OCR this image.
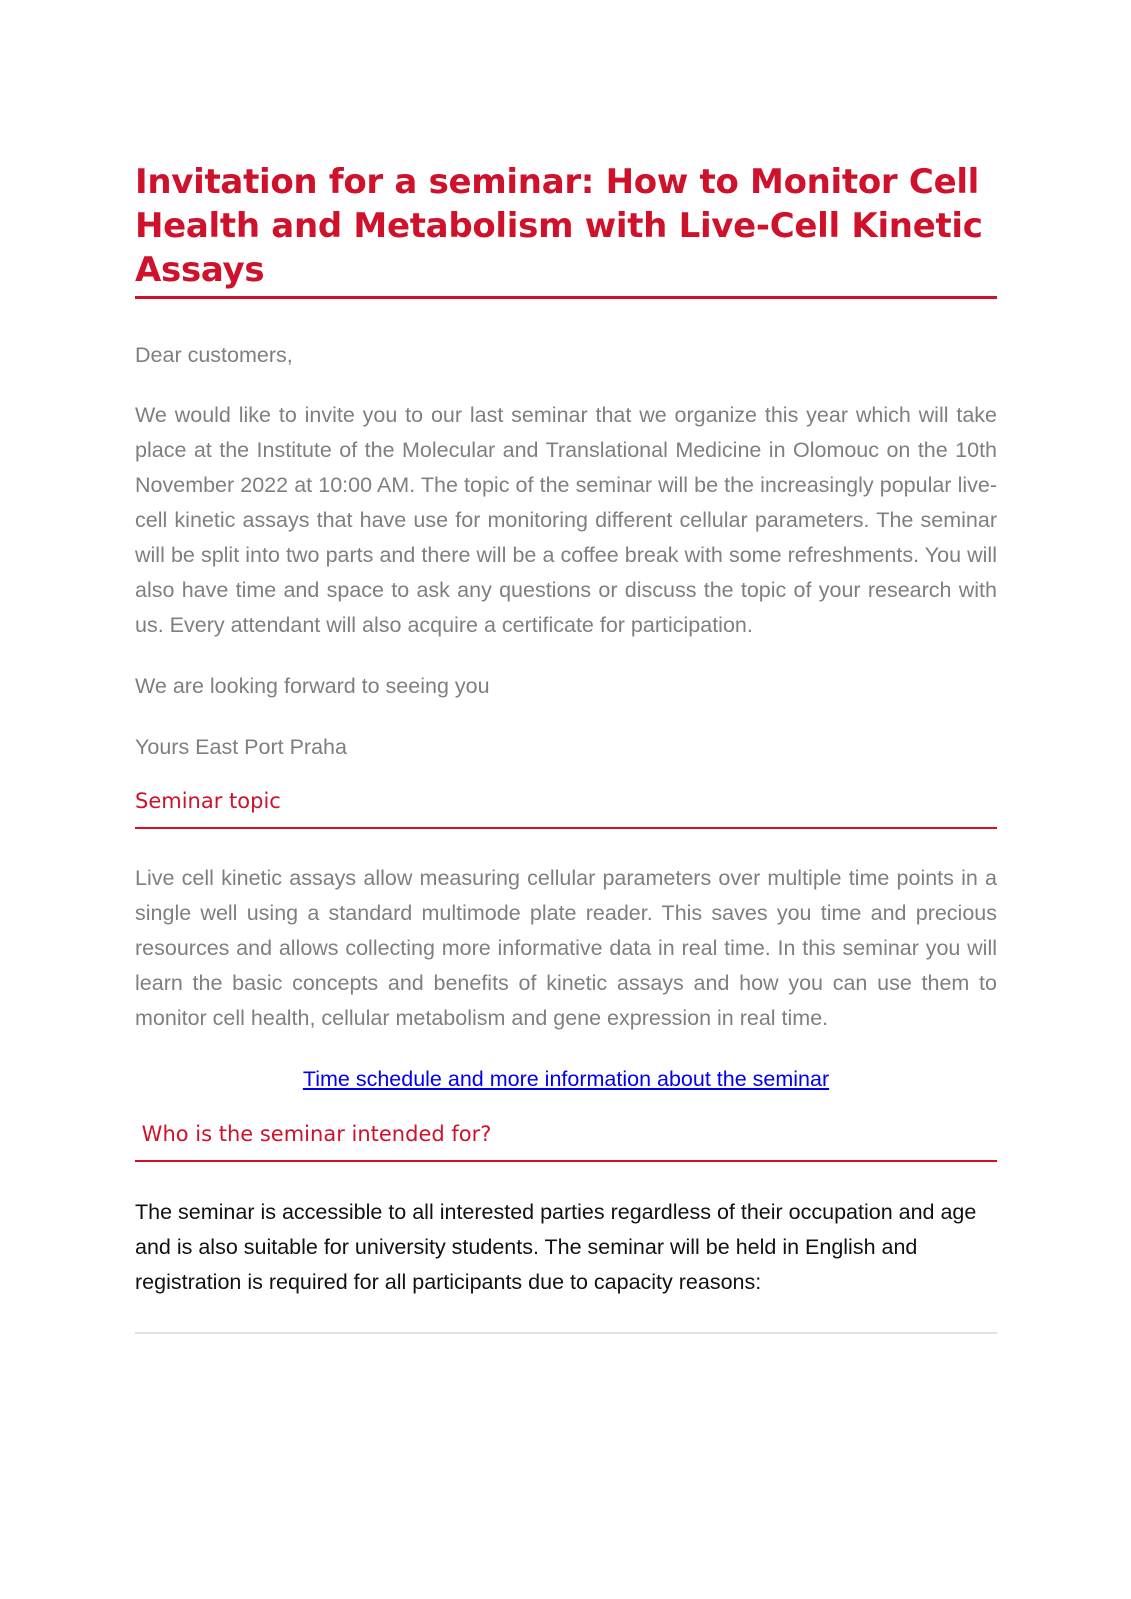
Invitation for a seminar: How to Monitor Cell Health and Metabolism with Live-Cell Kinetic Assays

Dear customers,

We would like to invite you to our last seminar that we organize this year which will take place at the Institute of the Molecular and Translational Medicine in Olomouc on the 10th November 2022 at 10:00 AM. The topic of the seminar will be the increasingly popular live-cell kinetic assays that have use for monitoring different cellular parameters. The seminar will be split into two parts and there will be a coffee break with some refreshments. You will also have time and space to ask any questions or discuss the topic of your research with us. Every attendant will also acquire a certificate for participation.

We are looking forward to seeing you

Yours East Port Praha

Seminar topic

Live cell kinetic assays allow measuring cellular parameters over multiple time points in a single well using a standard multimode plate reader. This saves you time and precious resources and allows collecting more informative data in real time. In this seminar you will learn the basic concepts and benefits of kinetic assays and how you can use them to monitor cell health, cellular metabolism and gene expression in real time.

Time schedule and more information about the seminar

Who is the seminar intended for?

The seminar is accessible to all interested parties regardless of their occupation and age and is also suitable for university students. The seminar will be held in English and registration is required for all participants due to capacity reasons:
